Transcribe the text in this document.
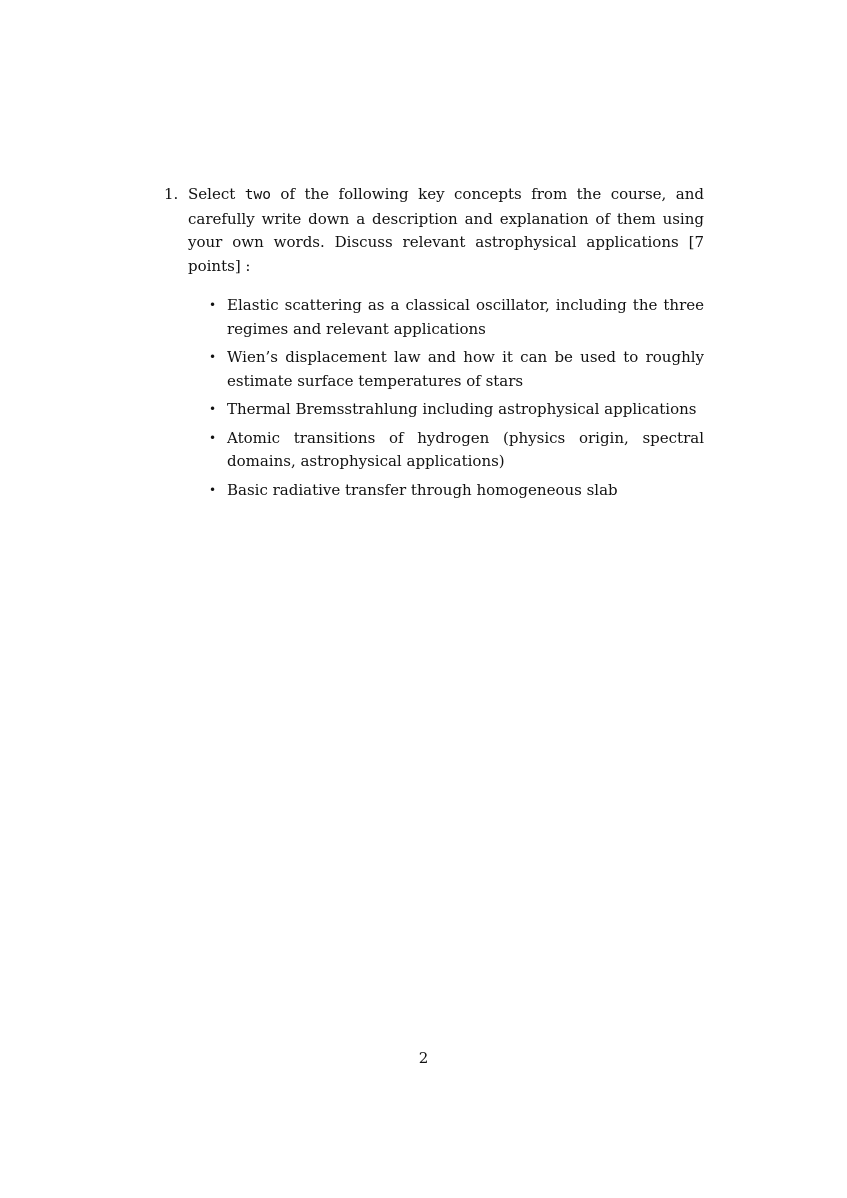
1. Select two of the following key concepts from the course, and carefully write down a description and explanation of them using your own words. Discuss relevant astrophysical applications [7 points] :
• Elastic scattering as a classical oscillator, including the three regimes and relevant applications
• Wien’s displacement law and how it can be used to roughly estimate surface temperatures of stars
• Thermal Bremsstrahlung including astrophysical applications
• Atomic transitions of hydrogen (physics origin, spectral domains, astrophysical applications)
• Basic radiative transfer through homogeneous slab
2
